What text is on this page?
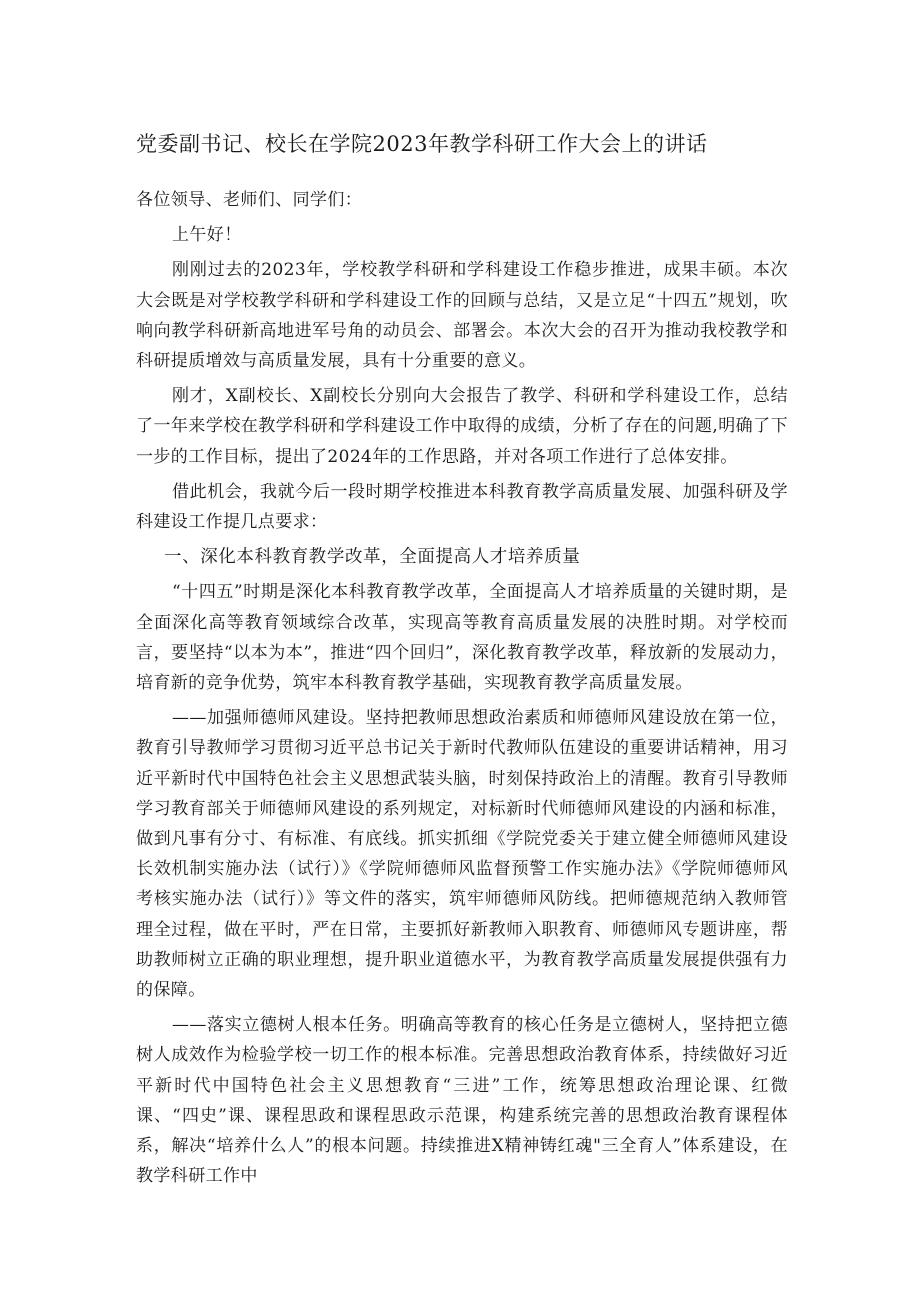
党委副书记、校长在学院2023年教学科研工作大会上的讲话

各位领导、老师们、同学们：

上午好！

刚刚过去的2023年，学校教学科研和学科建设工作稳步推进，成果丰硕。本次大会既是对学校教学科研和学科建设工作的回顾与总结，又是立足“十四五”规划，吹响向教学科研新高地进军号角的动员会、部署会。本次大会的召开为推动我校教学和科研提质增效与高质量发展，具有十分重要的意义。

刚才，X副校长、X副校长分别向大会报告了教学、科研和学科建设工作，总结了一年来学校在教学科研和学科建设工作中取得的成绩，分析了存在的问题,明确了下一步的工作目标，提出了2024年的工作思路，并对各项工作进行了总体安排。

借此机会，我就今后一段时期学校推进本科教育教学高质量发展、加强科研及学科建设工作提几点要求：

一、深化本科教育教学改革，全面提高人才培养质量

“十四五”时期是深化本科教育教学改革，全面提高人才培养质量的关键时期，是全面深化高等教育领域综合改革，实现高等教育高质量发展的决胜时期。对学校而言，要坚持“以本为本”，推进“四个回归”，深化教育教学改革，释放新的发展动力，培育新的竞争优势，筑牢本科教育教学基础，实现教育教学高质量发展。

——加强师德师风建设。坚持把教师思想政治素质和师德师风建设放在第一位，教育引导教师学习贯彻习近平总书记关于新时代教师队伍建设的重要讲话精神，用习近平新时代中国特色社会主义思想武装头脑，时刻保持政治上的清醒。教育引导教师学习教育部关于师德师风建设的系列规定，对标新时代师德师风建设的内涵和标准，做到凡事有分寸、有标准、有底线。抓实抓细《学院党委关于建立健全师德师风建设长效机制实施办法（试行）》《学院师德师风监督预警工作实施办法》《学院师德师风考核实施办法（试行）》等文件的落实，筑牢师德师风防线。把师德规范纳入教师管理全过程，做在平时，严在日常，主要抓好新教师入职教育、师德师风专题讲座，帮助教师树立正确的职业理想，提升职业道德水平，为教育教学高质量发展提供强有力的保障。

——落实立德树人根本任务。明确高等教育的核心任务是立德树人，坚持把立德树人成效作为检验学校一切工作的根本标准。完善思想政治教育体系，持续做好习近平新时代中国特色社会主义思想教育“三进”工作，统筹思想政治理论课、红微课、“四史”课、课程思政和课程思政示范课，构建系统完善的思想政治教育课程体系，解决“培养什么人”的根本问题。持续推进X精神铸红魂"三全育人”体系建设，在教学科研工作中
